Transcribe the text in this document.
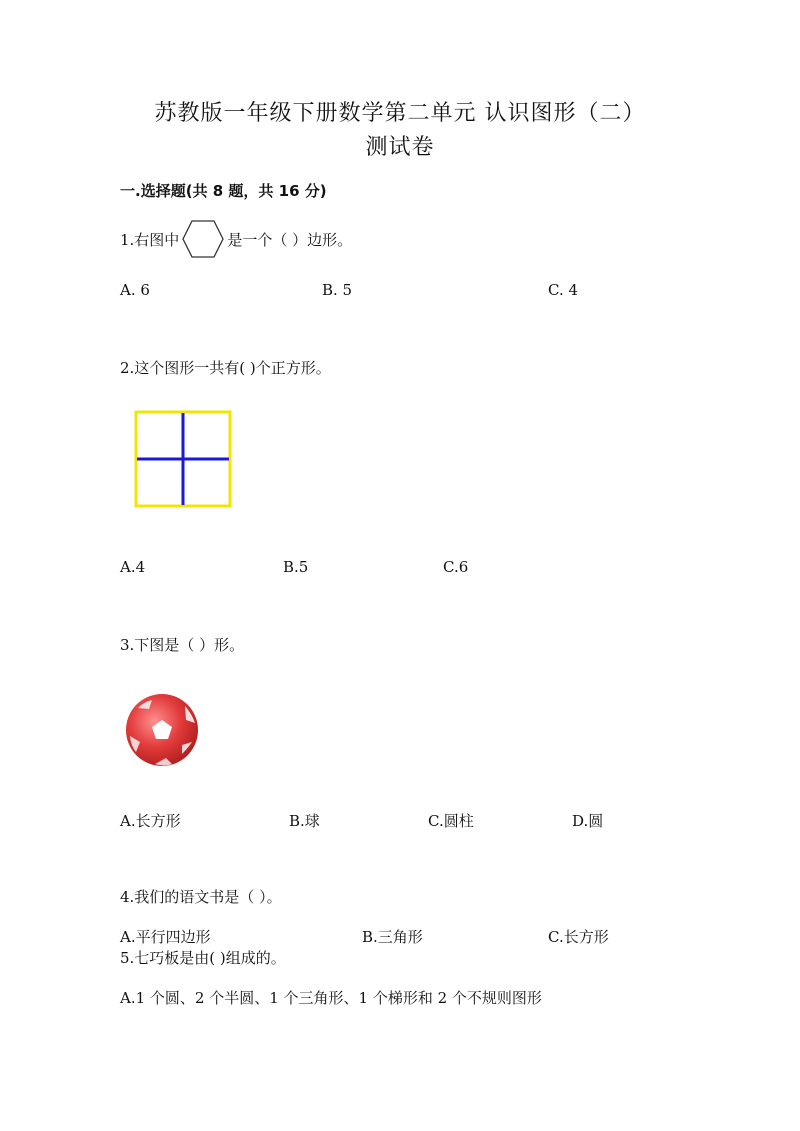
苏教版一年级下册数学第二单元 认识图形（二）
测试卷
一.选择题(共 8 题，共 16 分)
1.右图中	是一个（ ）边形。
A. 6	B. 5	C. 4
2.这个图形一共有( )个正方形。
A.4	B.5	C.6
3.下图是（ ）形。
A.长方形	B.球	C.圆柱	D.圆
4.我们的语文书是（ ）。
A.平行四边形	B.三角形	C.长方形
5.七巧板是由( )组成的。
A.1 个圆、2 个半圆、1 个三角形、1 个梯形和 2 个不规则图形
